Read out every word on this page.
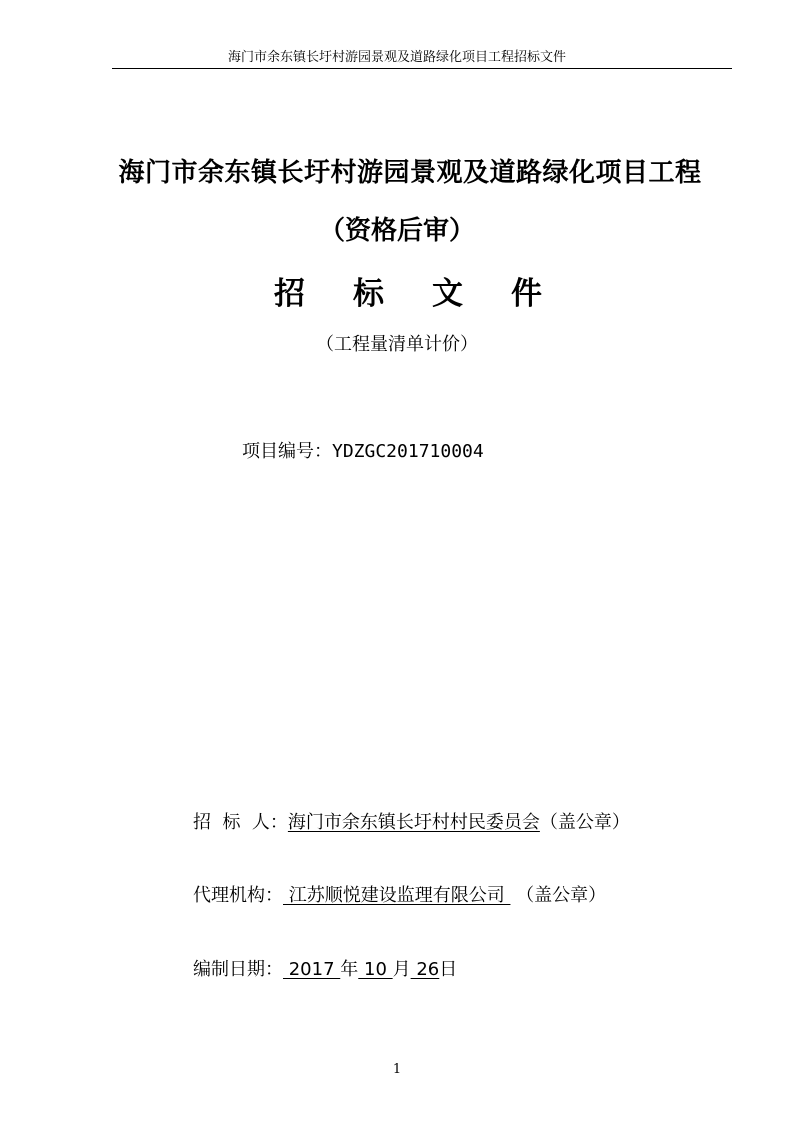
海门市余东镇长圩村游园景观及道路绿化项目工程招标文件
海门市余东镇长圩村游园景观及道路绿化项目工程
（资格后审）
招标文件
（工程量清单计价）
项目编号：YDZGC201710004
招  标  人：海门市余东镇长圩村村民委员会（盖公章）
代理机构： 江苏顺悦建设监理有限公司  （盖公章）
编制日期： 2017 年 10 月 26日
1
